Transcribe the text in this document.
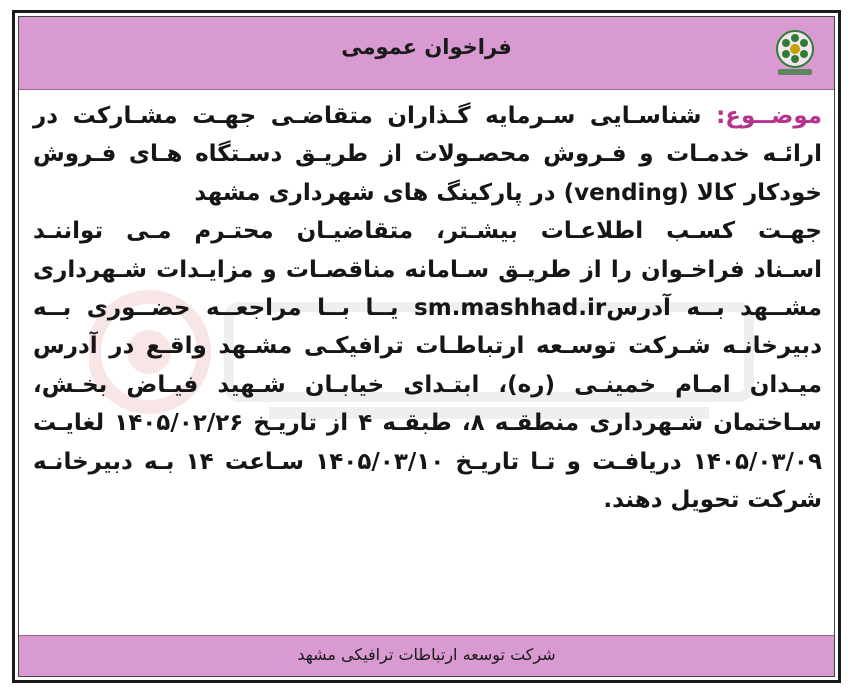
فراخوان عمومی
موضــوع: شناسـایی سـرمایه گـذاران متقاضـی جهـت مشـارکت در
ارائـه خدمـات و فـروش محصـولات از طریـق دسـتگاه هـای فـروش
خودکار کالا (vending) در پارکینگ های شهرداری مشهد
جهـت کسـب اطلاعـات بیشـتر، متقاضیـان محتـرم مـی تواننـد
اسـناد فراخـوان را از طریـق سـامانه مناقصـات و مزایـدات شـهرداری
مشــهد بــه آدرسsm.mashhad.ir یــا بــا مراجعــه حضــوری بــه
دبیرخانـه شـرکت توسـعه ارتباطـات ترافیکـی مشـهد واقـع در آدرس
میـدان امـام خمینـی (ره)، ابتـدای خیابـان شـهید فیـاض بخـش،
سـاختمان شـهرداری منطقـه ۸، طبقـه ۴ از تاریـخ ۱۴۰۵/۰۲/۲۶ لغایـت
۱۴۰۵/۰۳/۰۹ دریافـت و تـا تاریـخ ۱۴۰۵/۰۳/۱۰ سـاعت ۱۴ بـه دبیرخانـه
شرکت تحویل دهند.
شرکت توسعه ارتباطات ترافیکی مشهد
